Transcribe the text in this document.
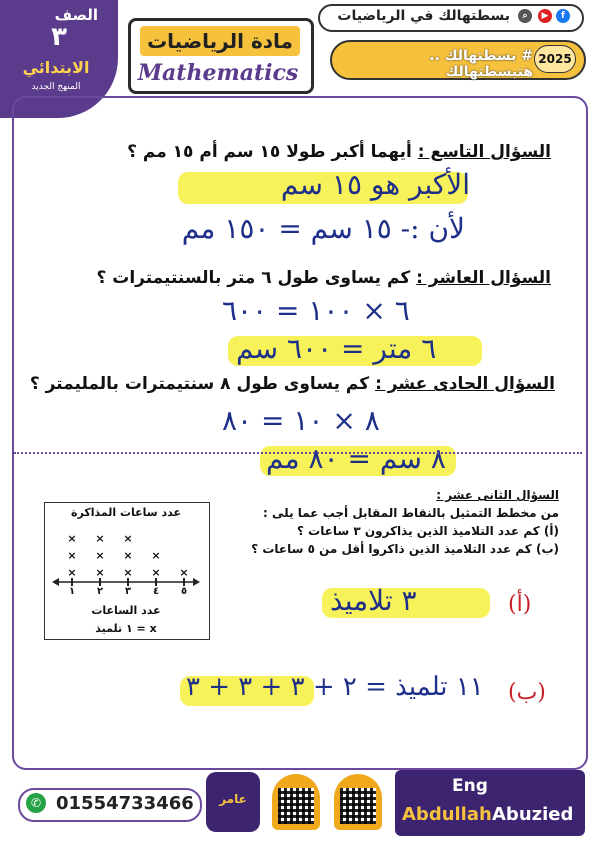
الصف
٣
الابتدائي
المنهج الجديد
مادة الرياضيات
Mathematics
f
▶
⌕
بسطتهالك في الرياضيات
2025
# بسطتهالك .. هتبسطتهالك
السؤال التاسع : أيهما أكبر طولا ١٥ سم أم ١٥ مم ؟
الأكبر هو ١٥ سم
لأن :- ١٥ سم = ١٥٠ مم
السؤال العاشر : كم يساوى طول ٦ متر بالسنتيمترات ؟
٦ × ١٠٠ = ٦٠٠
٦ متر = ٦٠٠ سم
السؤال الحادى عشر : كم يساوى طول ٨ سنتيمترات بالمليمتر ؟
٨ × ١٠ = ٨٠
٨ سم = ٨٠ مم
السؤال الثانى عشر :
من مخطط التمثيل بالنقاط المقابل أجب عما يلى :
(أ) كم عدد التلاميذ الذين يذاكرون ٣ ساعات ؟
(ب) كم عدد التلاميذ الذين ذاكروا أقل من ٥ ساعات ؟
عدد ساعات المذاكرة
١
×
×
×
٢
×
×
×
٣
×
×
×
٤
×
×
٥
×
عدد الساعات
x = ١ تلميذ
٣ تلاميذ	(أ)
١١ تلميذ = ٢ + ٣ + ٣ + ٣ (ب)
✆ 01554733466	عامر
Eng
Abdullah Abuzied
